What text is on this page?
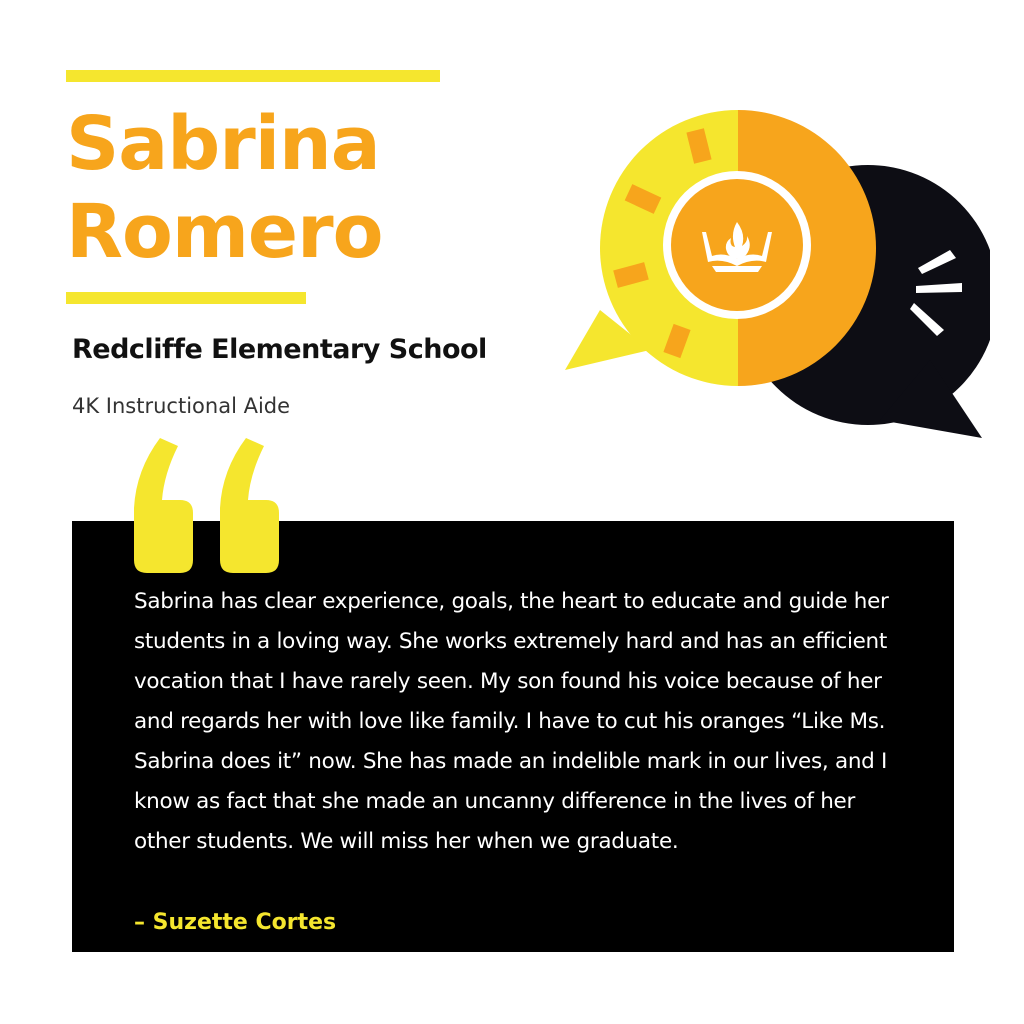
Sabrina
Romero

Redcliffe Elementary School

4K Instructional Aide

Sabrina has clear experience, goals, the heart to educate and guide her students in a loving way. She works extremely hard and has an efficient vocation that I have rarely seen. My son found his voice because of her and regards her with love like family. I have to cut his oranges “Like Ms. Sabrina does it” now. She has made an indelible mark in our lives, and I know as fact that she made an uncanny difference in the lives of her other students. We will miss her when we graduate.

– Suzette Cortes
